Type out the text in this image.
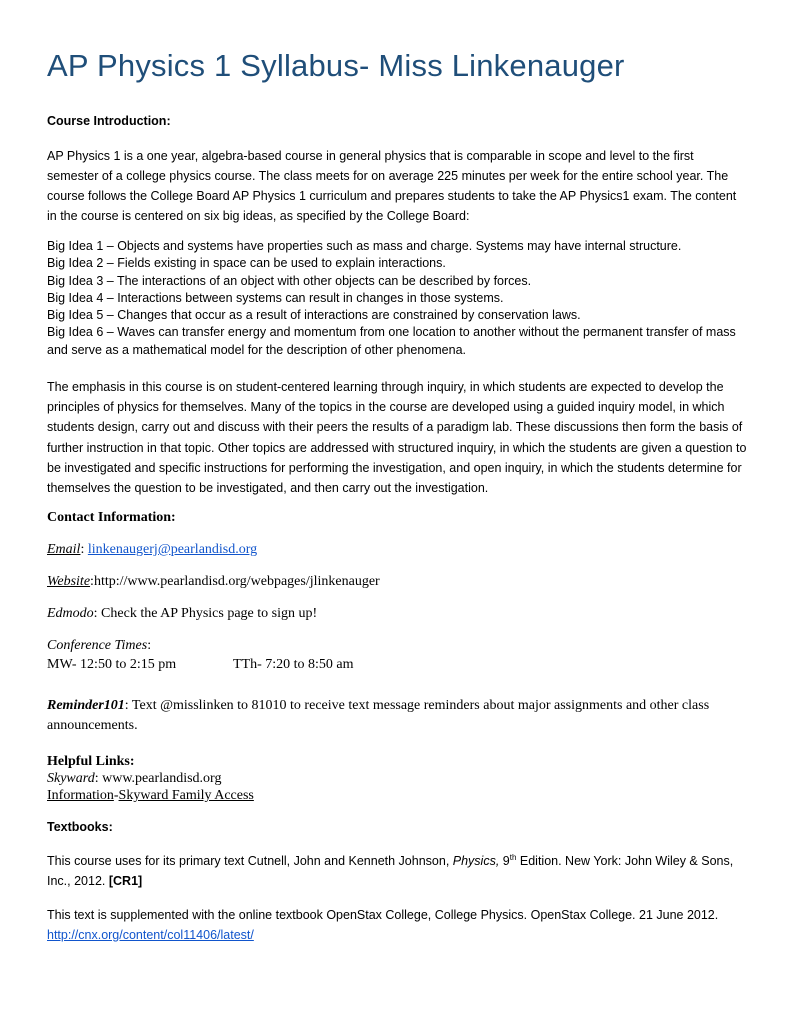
AP Physics 1 Syllabus- Miss Linkenauger
Course Introduction:

AP Physics 1 is a one year, algebra-based course in general physics that is comparable in scope and level to the first semester of a college physics course. The class meets for on average 225 minutes per week for the entire school year. The course follows the College Board AP Physics 1 curriculum and prepares students to take the AP Physics1 exam. The content in the course is centered on six big ideas, as specified by the College Board:

Big Idea 1 – Objects and systems have properties such as mass and charge. Systems may have internal structure.
Big Idea 2 – Fields existing in space can be used to explain interactions.
Big Idea 3 – The interactions of an object with other objects can be described by forces.
Big Idea 4 – Interactions between systems can result in changes in those systems.
Big Idea 5 – Changes that occur as a result of interactions are constrained by conservation laws.
Big Idea 6 – Waves can transfer energy and momentum from one location to another without the permanent transfer of mass and serve as a mathematical model for the description of other phenomena.

The emphasis in this course is on student-centered learning through inquiry, in which students are expected to develop the principles of physics for themselves. Many of the topics in the course are developed using a guided inquiry model, in which students design, carry out and discuss with their peers the results of a paradigm lab. These discussions then form the basis of further instruction in that topic. Other topics are addressed with structured inquiry, in which the students are given a question to be investigated and specific instructions for performing the investigation, and open inquiry, in which the students determine for themselves the question to be investigated, and then carry out the investigation.

Contact Information:
Email: linkenaugerj@pearlandisd.org
Website:http://www.pearlandisd.org/webpages/jlinkenauger
Edmodo: Check the AP Physics page to sign up!
Conference Times:
MW- 12:50 to 2:15 pm	TTh- 7:20 to 8:50 am

Reminder101: Text @misslinken to 81010 to receive text message reminders about major assignments and other class announcements.

Helpful Links:
Skyward: www.pearlandisd.org
Information-Skyward Family Access
Textbooks:

This course uses for its primary text Cutnell, John and Kenneth Johnson, Physics, 9th Edition. New York: John Wiley & Sons, Inc., 2012. [CR1]

This text is supplemented with the online textbook OpenStax College, College Physics. OpenStax College. 21 June 2012.
http://cnx.org/content/col11406/latest/
